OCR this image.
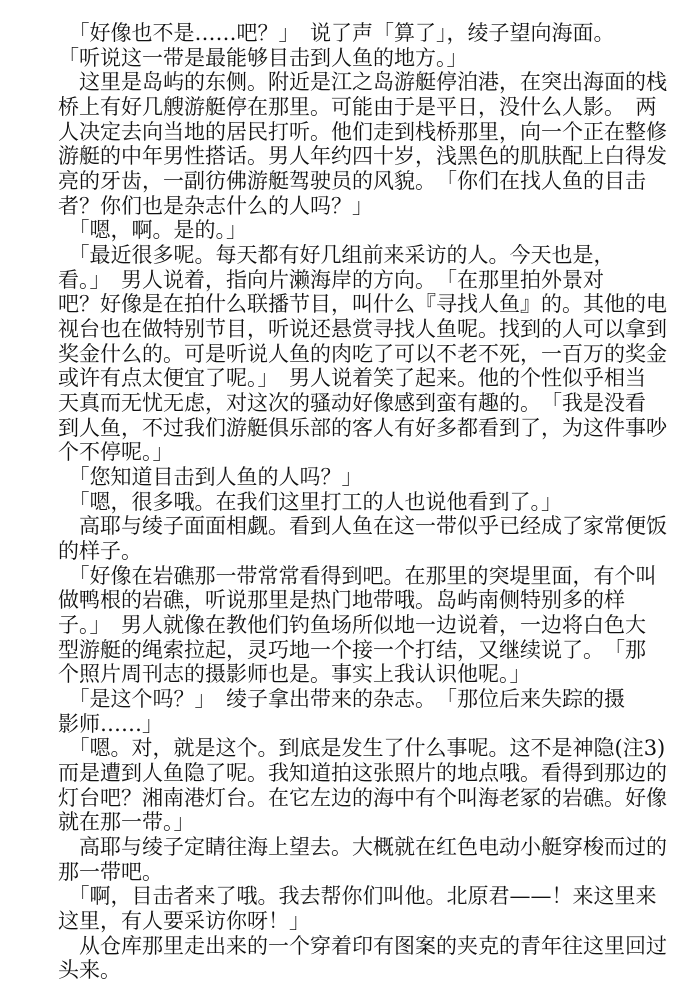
　「好像也不是……吧？」　说了声「算了」，绫子望向海面。
「听说这一带是最能够目击到人鱼的地方。」
　这里是岛屿的东侧。附近是江之岛游艇停泊港，在突出海面的栈
桥上有好几艘游艇停在那里。可能由于是平日，没什么人影。　两
人决定去向当地的居民打听。他们走到栈桥那里，向一个正在整修
游艇的中年男性搭话。男人年约四十岁，浅黑色的肌肤配上白得发
亮的牙齿，一副彷佛游艇驾驶员的风貌。　「你们在找人鱼的目击
者？你们也是杂志什么的人吗？」
　「嗯，啊。是的。」
　「最近很多呢。每天都有好几组前来采访的人。今天也是，
看。」　男人说着，指向片濑海岸的方向。　「在那里拍外景对
吧？好像是在拍什么联播节目，叫什么『寻找人鱼』的。其他的电
视台也在做特别节目，听说还悬赏寻找人鱼呢。找到的人可以拿到
奖金什么的。可是听说人鱼的肉吃了可以不老不死，一百万的奖金
或许有点太便宜了呢。」　男人说着笑了起来。他的个性似乎相当
天真而无忧无虑，对这次的骚动好像感到蛮有趣的。　「我是没看
到人鱼，不过我们游艇俱乐部的客人有好多都看到了，为这件事吵
个不停呢。」
　「您知道目击到人鱼的人吗？」
　「嗯，很多哦。在我们这里打工的人也说他看到了。」
　高耶与绫子面面相觑。看到人鱼在这一带似乎已经成了家常便饭
的样子。
　「好像在岩礁那一带常常看得到吧。在那里的突堤里面，有个叫
做鸭根的岩礁，听说那里是热门地带哦。岛屿南侧特别多的样
子。」　男人就像在教他们钓鱼场所似地一边说着，一边将白色大
型游艇的绳索拉起，灵巧地一个接一个打结，又继续说了。　「那
个照片周刊志的摄影师也是。事实上我认识他呢。」
　「是这个吗？」　绫子拿出带来的杂志。　「那位后来失踪的摄
影师……」
　「嗯。对，就是这个。到底是发生了什么事呢。这不是神隐(注3)
而是遭到人鱼隐了呢。我知道拍这张照片的地点哦。看得到那边的
灯台吧？湘南港灯台。在它左边的海中有个叫海老冢的岩礁。好像
就在那一带。」
　高耶与绫子定睛往海上望去。大概就在红色电动小艇穿梭而过的
那一带吧。
　「啊，目击者来了哦。我去帮你们叫他。北原君——！来这里来
这里，有人要采访你呀！」
　从仓库那里走出来的一个穿着印有图案的夹克的青年往这里回过
头来。
